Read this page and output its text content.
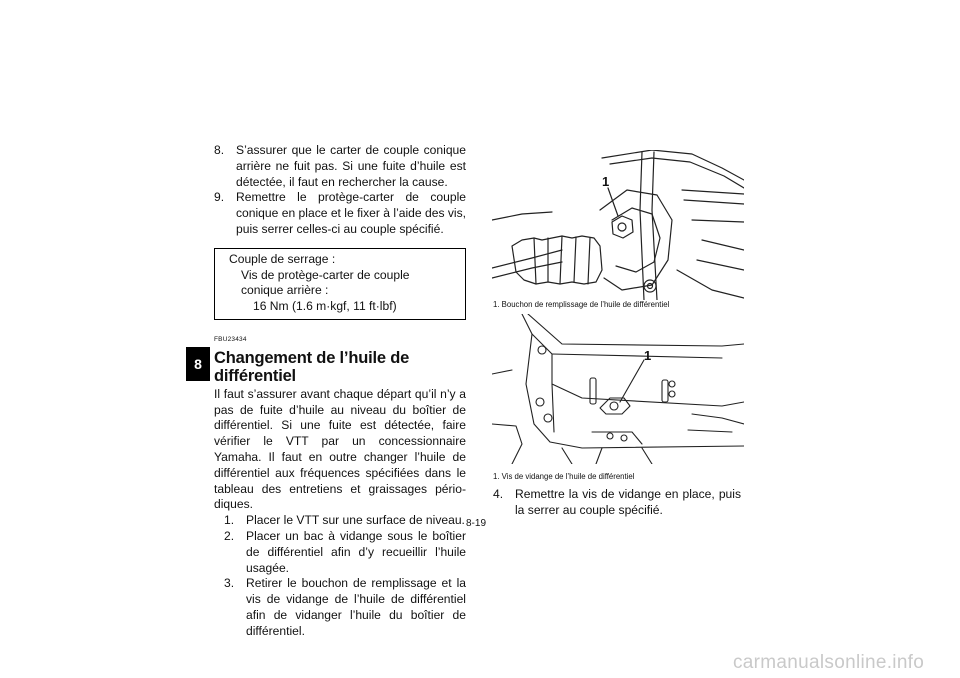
8
8. S’assurer que le carter de couple conique arrière ne fuit pas. Si une fuite d’huile est détectée, il faut en rechercher la cause.
9. Remettre le protège-carter de couple conique en place et le fixer à l’aide des vis, puis serrer celles-ci au couple spécifié.
Couple de serrage :
Vis de protège-carter de couple conique arrière :
16 Nm (1.6 m·kgf, 11 ft·lbf)
FBU23434
Changement de l’huile de différentiel
Il faut s’assurer avant chaque départ qu’il n’y a pas de fuite d’huile au niveau du boîtier de différentiel. Si une fuite est détectée, faire vérifier le VTT par un concessionnaire Yamaha. Il faut en outre changer l’huile de différentiel aux fréquences spécifiées dans le tableau des entretiens et graissages périodiques.
1. Placer le VTT sur une surface de niveau.
2. Placer un bac à vidange sous le boîtier de différentiel afin d’y recueillir l’huile usagée.
3. Retirer le bouchon de remplissage et la vis de vidange de l’huile de différentiel afin de vidanger l’huile du boîtier de différentiel.
1
1. Bouchon de remplissage de l’huile de différentiel
1
1. Vis de vidange de l’huile de différentiel
4. Remettre la vis de vidange en place, puis la serrer au couple spécifié.
8-19
carmanualsonline.info
